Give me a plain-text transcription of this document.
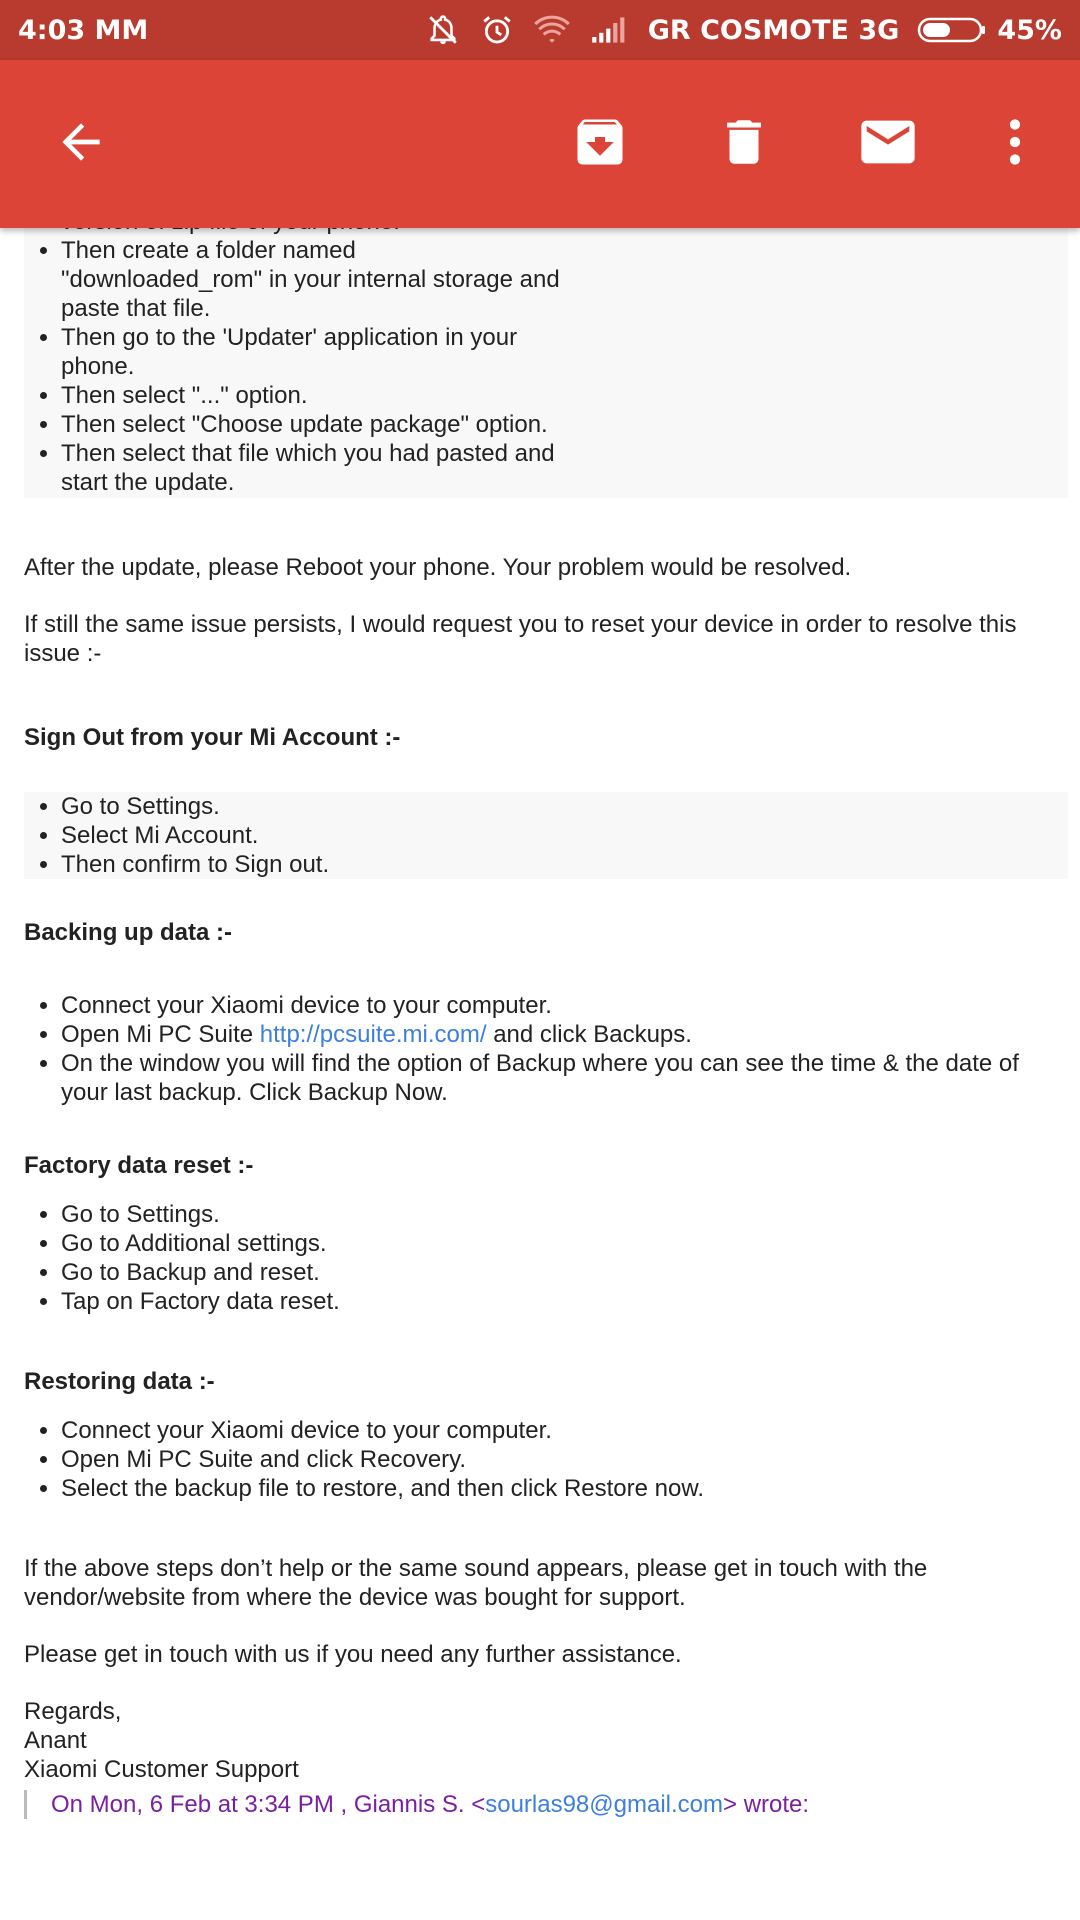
4:03 ΜΜ	GR COSMOTE 3G	45%
• Then create a folder named "downloaded_rom" in your internal storage and paste that file.
• Then go to the 'Updater' application in your phone.
• Then select "..." option.
• Then select "Choose update package" option.
• Then select that file which you had pasted and start the update.

After the update, please Reboot your phone. Your problem would be resolved.

If still the same issue persists, I would request you to reset your device in order to resolve this issue :-

Sign Out from your Mi Account :-

• Go to Settings.
• Select Mi Account.
• Then confirm to Sign out.

Backing up data :-

• Connect your Xiaomi device to your computer.
• Open Mi PC Suite http://pcsuite.mi.com/ and click Backups.
• On the window you will find the option of Backup where you can see the time & the date of your last backup. Click Backup Now.

Factory data reset :-

• Go to Settings.
• Go to Additional settings.
• Go to Backup and reset.
• Tap on Factory data reset.

Restoring data :-

• Connect your Xiaomi device to your computer.
• Open Mi PC Suite and click Recovery.
• Select the backup file to restore, and then click Restore now.

If the above steps don’t help or the same sound appears, please get in touch with the vendor/website from where the device was bought for support.

Please get in touch with us if you need any further assistance.

Regards,
Anant
Xiaomi Customer Support
On Mon, 6 Feb at 3:34 PM , Giannis S. <sourlas98@gmail.com> wrote:
